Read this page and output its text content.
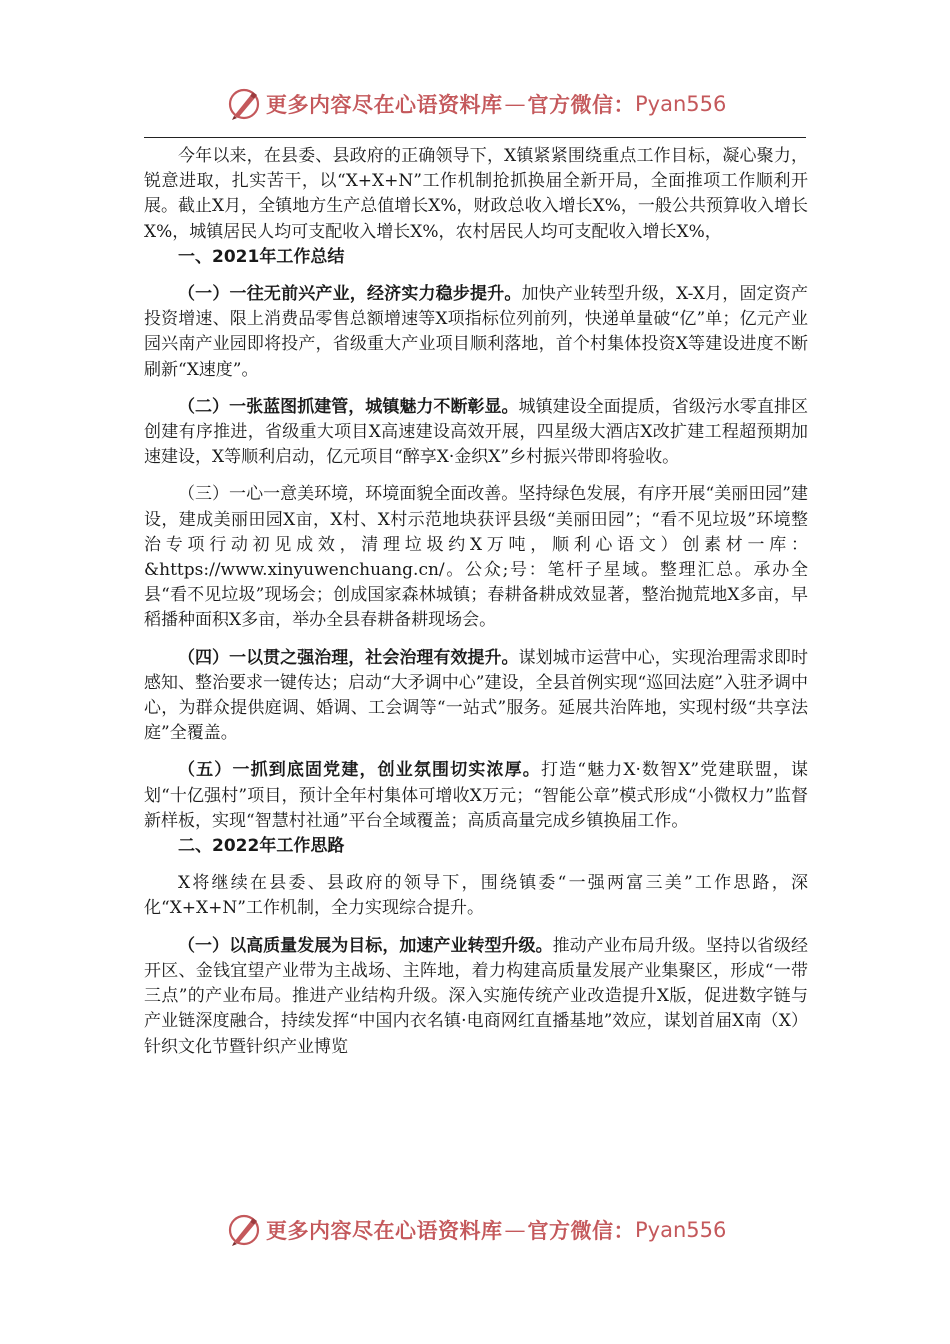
更多内容尽在心语资料库 — 官方微信： Pyan556

今年以来，在县委、县政府的正确领导下，X镇紧紧围绕重点工作目标，凝心聚力，锐意进取，扎实苦干，以“X+X+N”工作机制抢抓换届全新开局，全面推项工作顺利开展。截止X月，全镇地方生产总值增长X%，财政总收入增长X%，一般公共预算收入增长X%，城镇居民人均可支配收入增长X%，农村居民人均可支配收入增长X%，

一、2021年工作总结

（一）一往无前兴产业，经济实力稳步提升。加快产业转型升级，X-X月，固定资产投资增速、限上消费品零售总额增速等X项指标位列前列，快递单量破“亿”单；亿元产业园兴南产业园即将投产，省级重大产业项目顺利落地，首个村集体投资X等建设进度不断刷新“X速度”。

（二）一张蓝图抓建管，城镇魅力不断彰显。城镇建设全面提质，省级污水零直排区创建有序推进，省级重大项目X高速建设高效开展，四星级大酒店X改扩建工程超预期加速建设，X等顺利启动，亿元项目“醉享X·金织X”乡村振兴带即将验收。

（三）一心一意美环境，环境面貌全面改善。坚持绿色发展，有序开展“美丽田园”建设，建成美丽田园X亩，X村、X村示范地块获评县级“美丽田园”；“看不见垃圾”环境整治专项行动初见成效，清理垃圾约X万吨，顺利心语文）创素材一库：&https://www.xinyuwenchuang.cn/。公众;号：笔杆子星域。整理汇总。承办全县“看不见垃圾”现场会；创成国家森林城镇；春耕备耕成效显著，整治抛荒地X多亩，早稻播种面积X多亩，举办全县春耕备耕现场会。

（四）一以贯之强治理，社会治理有效提升。谋划城市运营中心，实现治理需求即时感知、整治要求一键传达；启动“大矛调中心”建设，全县首例实现“巡回法庭”入驻矛调中心，为群众提供庭调、婚调、工会调等“一站式”服务。延展共治阵地，实现村级“共享法庭”全覆盖。

（五）一抓到底固党建，创业氛围切实浓厚。打造“魅力X·数智X”党建联盟，谋划“十亿强村”项目，预计全年村集体可增收X万元；“智能公章”模式形成“小微权力”监督新样板，实现“智慧村社通”平台全域覆盖；高质高量完成乡镇换届工作。

二、2022年工作思路

X将继续在县委、县政府的领导下，围绕镇委“一强两富三美”工作思路，深化“X+X+N”工作机制，全力实现综合提升。

（一）以高质量发展为目标，加速产业转型升级。推动产业布局升级。坚持以省级经开区、金钱宜望产业带为主战场、主阵地，着力构建高质量发展产业集聚区，形成“一带三点”的产业布局。推进产业结构升级。深入实施传统产业改造提升X版，促进数字链与产业链深度融合，持续发挥“中国内衣名镇·电商网红直播基地”效应，谋划首届X南（X）针织文化节暨针织产业博览

更多内容尽在心语资料库 — 官方微信： Pyan556
